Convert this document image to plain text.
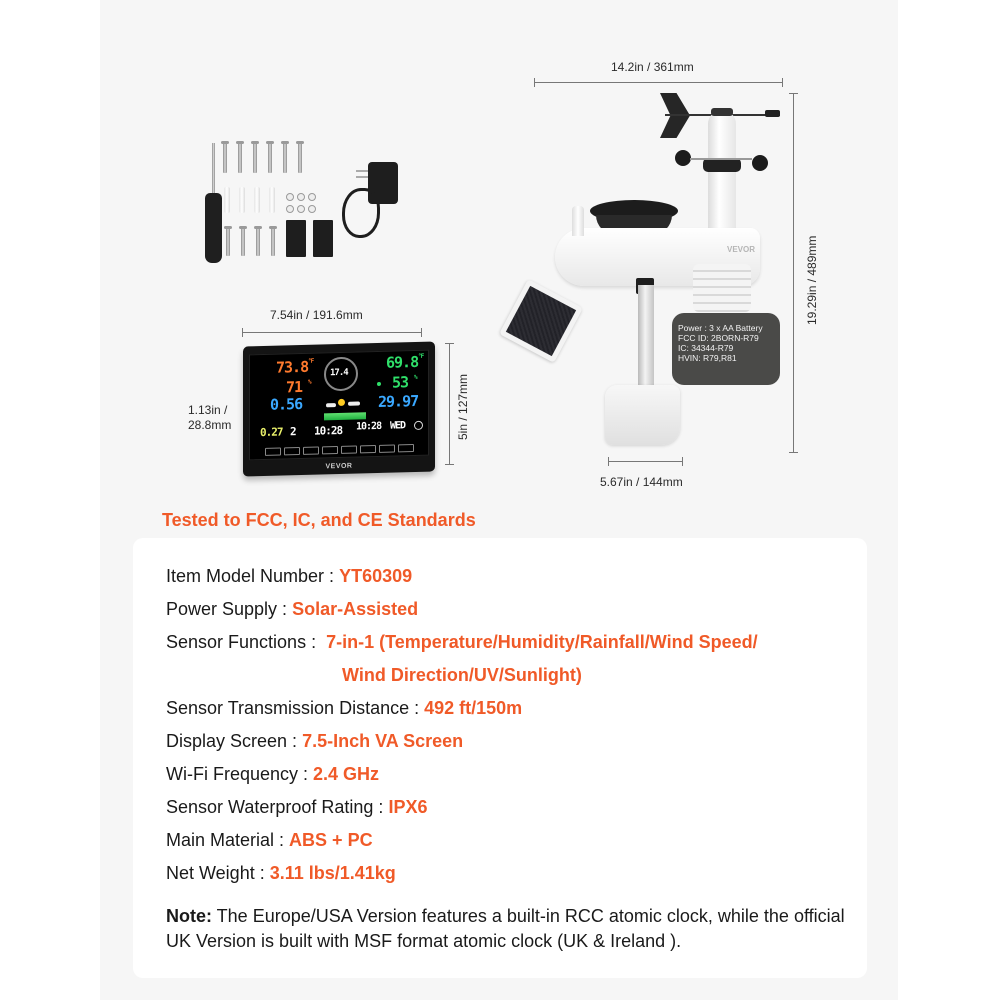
7.54in / 191.6mm
1.13in /
28.8mm	5in / 127mm
73.8 °F
71 %
17.4
69.8 °F
53 %
0.56	29.97
0.27 2 10:28 10:28 WED
VEVOR
14.2in / 361mm
19.29in / 489mm
VEVOR
Power : 3 x AA Battery
FCC ID: 2BORN-R79
IC: 34344-R79
HVIN: R79,R81
5.67in / 144mm
Tested to FCC, IC, and CE Standards
Item Model Number : YT60309
Power Supply : Solar-Assisted
Sensor Functions :  7-in-1 (Temperature/Humidity/Rainfall/Wind Speed/
Wind Direction/UV/Sunlight)
Sensor Transmission Distance : 492 ft/150m
Display Screen : 7.5-Inch VA Screen
Wi-Fi Frequency : 2.4 GHz
Sensor Waterproof Rating : IPX6
Main Material : ABS + PC
Net Weight : 3.11 lbs/1.41kg
Note: The Europe/USA Version features a built-in RCC atomic clock, while the official UK Version is built with MSF format atomic clock (UK & Ireland ).
